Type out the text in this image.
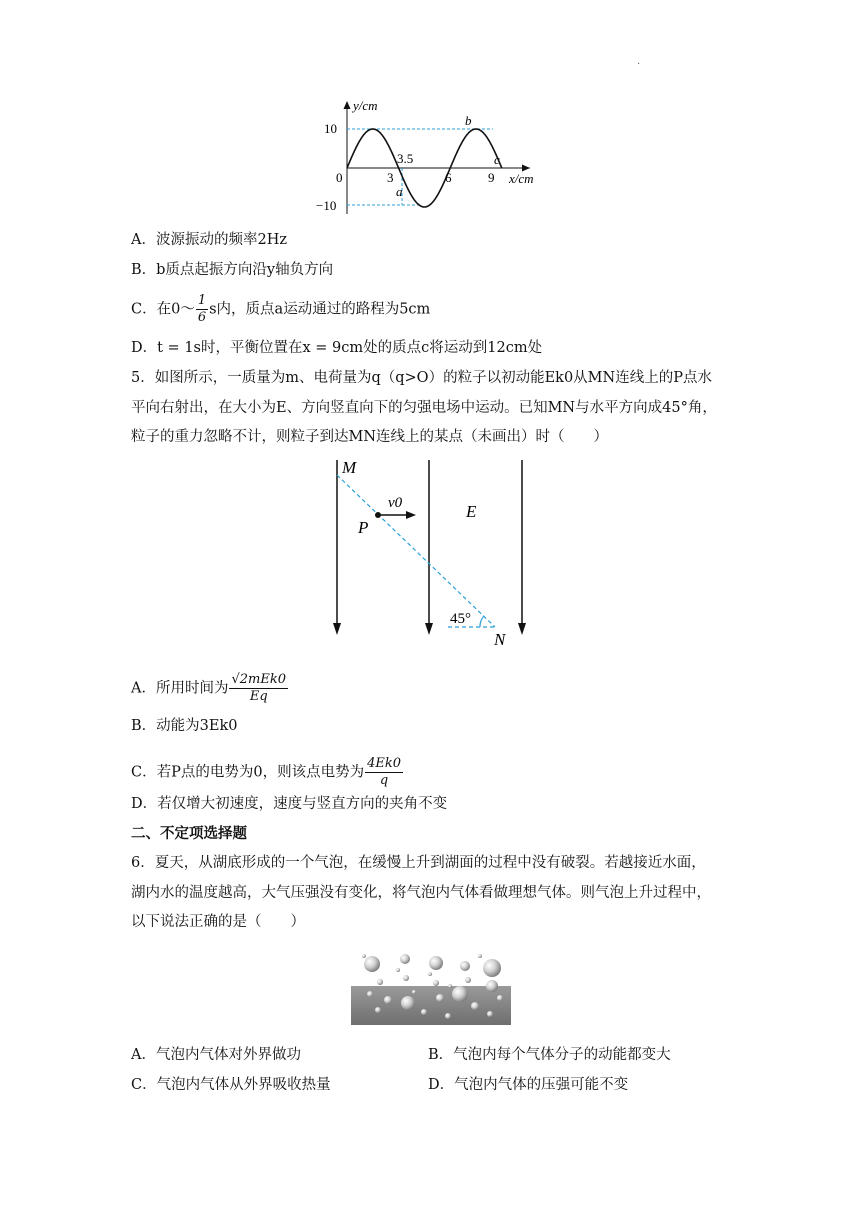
.
y/cm
x/cm
10
−10
0	3
3.5
6	9
a
b
c
A．波源振动的频率2Hz
B．b质点起振方向沿y轴负方向
C．在0～ $\frac{1}{6}$ s内，质点a运动通过的路程为5cm
D．t = 1s时，平衡位置在x = 9cm处的质点c将运动到12cm处
5．如图所示，一质量为m、电荷量为q（q>O）的粒子以初动能Ek0从MN连线上的P点水
平向右射出，在大小为E、方向竖直向下的匀强电场中运动。已知MN与水平方向成45°角，
粒子的重力忽略不计，则粒子到达MN连线上的某点（未画出）时（　　）
M
P
v0	E
45°
N
A．所用时间为 $\frac{\text{√2mEk0}}{Eq}$
B．动能为3Ek0
C．若P点的电势为0，则该点电势为 $\frac{4Ek0}{q}$
D．若仅增大初速度，速度与竖直方向的夹角不变
二、不定项选择题
6．夏天，从湖底形成的一个气泡，在缓慢上升到湖面的过程中没有破裂。若越接近水面，
湖内水的温度越高，大气压强没有变化，将气泡内气体看做理想气体。则气泡上升过程中，
以下说法正确的是（　　）
A．气泡内气体对外界做功	B．气泡内每个气体分子的动能都变大
C．气泡内气体从外界吸收热量	D．气泡内气体的压强可能不变
